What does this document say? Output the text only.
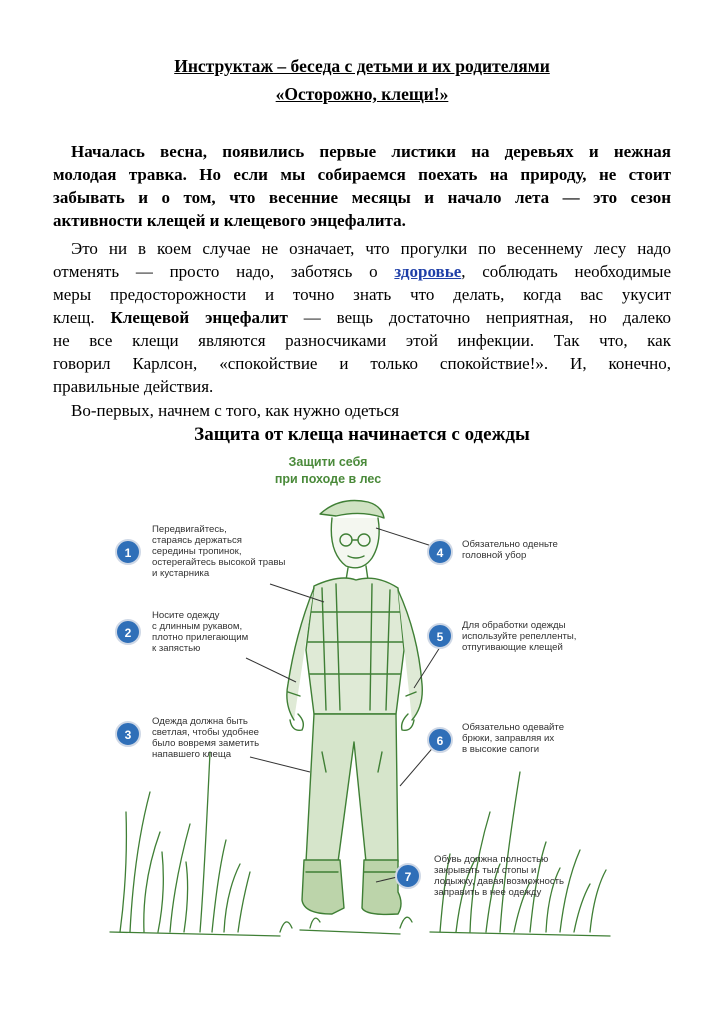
Инструктаж – беседа с детьми и их родителями
«Осторожно, клещи!»
Началась весна, появились первые листики на деревьях и нежная
молодая травка. Но если мы собираемся поехать на природу, не стоит
забывать и о том, что весенние месяцы и начало лета — это сезон
активности клещей и клещевого энцефалита.
Это ни в коем случае не означает, что прогулки по весеннему лесу надо
отменять — просто надо, заботясь о здоровье, соблюдать необходимые
меры предосторожности и точно знать что делать, когда вас укусит
клещ. Клещевой энцефалит — вещь достаточно неприятная, но далеко
не все клещи являются разносчиками этой инфекции. Так что, как
говорил Карлсон, «спокойствие и только спокойствие!». И, конечно,
правильные действия.
Во-первых, начнем с того, как нужно одеться
Защита от клеща начинается с одежды
Защити себя
при походе в лес
1
Передвигайтесь,
стараясь держаться
середины тропинок,
остерегайтесь высокой травы
и кустарника
2
Носите одежду
с длинным рукавом,
плотно прилегающим
к запястью
3
Одежда должна быть
светлая, чтобы удобнее
было вовремя заметить
напавшего клеща
4
Обязательно оденьте
головной убор
5
Для обработки одежды
используйте репелленты,
отпугивающие клещей
6
Обязательно одевайте
брюки, заправляя их
в высокие сапоги
7
Обувь должна полностью
закрывать тыл стопы и
лодыжку, давая возможность
заправить в нее одежду
